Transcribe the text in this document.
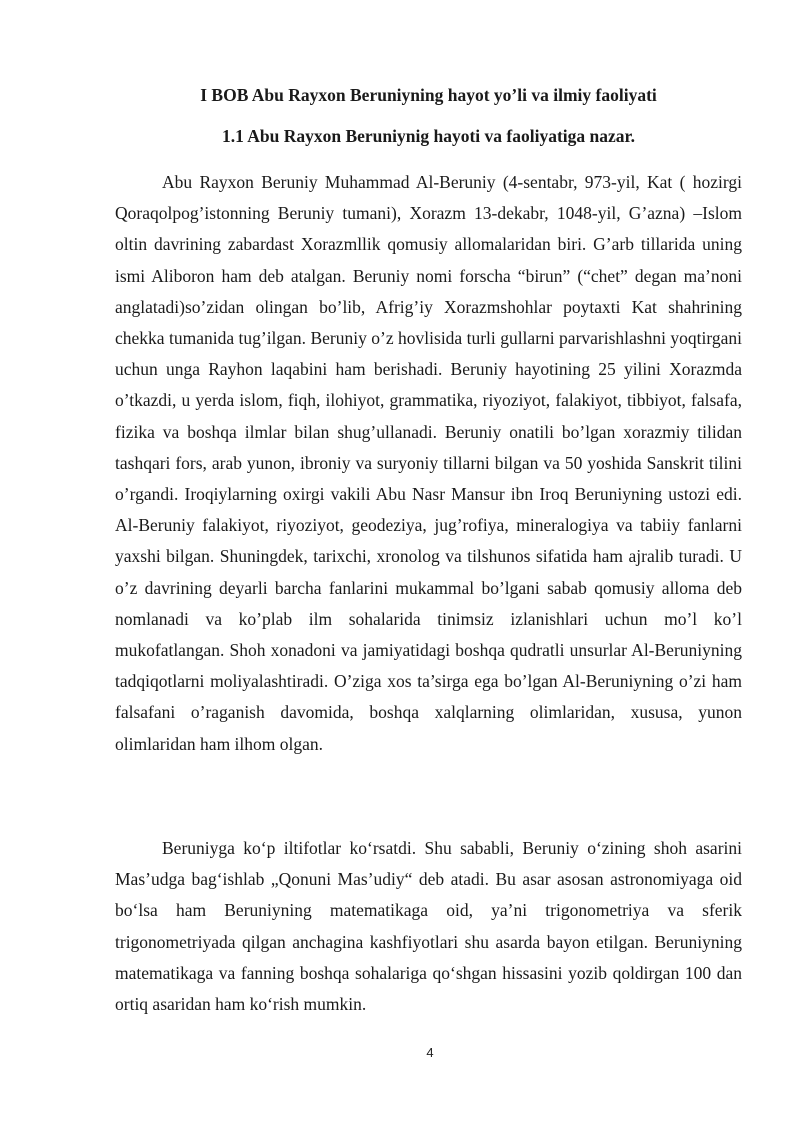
I BOB Abu Rayxon Beruniyning hayot yo’li va ilmiy faoliyati
1.1 Abu Rayxon Beruniynig hayoti va faoliyatiga nazar.

Abu Rayxon Beruniy Muhammad Al-Beruniy (4-sentabr, 973-yil, Kat ( hozirgi Qoraqolpog’istonning Beruniy tumani), Xorazm 13-dekabr, 1048-yil, G’azna) –Islom oltin davrining zabardast Xorazmllik qomusiy allomalaridan biri. G’arb tillarida uning ismi Aliboron ham deb atalgan. Beruniy nomi forscha “birun” (“chet” degan ma’noni anglatadi)so’zidan olingan bo’lib, Afrig’iy Xorazmshohlar poytaxti Kat shahrining chekka tumanida tug’ilgan. Beruniy o’z hovlisida turli gullarni parvarishlashni yoqtirgani uchun unga Rayhon laqabini ham berishadi. Beruniy hayotining 25 yilini Xorazmda o’tkazdi, u yerda islom, fiqh, ilohiyot, grammatika, riyoziyot, falakiyot, tibbiyot, falsafa, fizika va boshqa ilmlar bilan shug’ullanadi. Beruniy onatili bo’lgan xorazmiy tilidan tashqari fors, arab yunon, ibroniy va suryoniy tillarni bilgan va 50 yoshida Sanskrit tilini o’rgandi. Iroqiylarning oxirgi vakili Abu Nasr Mansur ibn Iroq Beruniyning ustozi edi. Al-Beruniy falakiyot, riyoziyot, geodeziya, jug’rofiya, mineralogiya va tabiiy fanlarni yaxshi bilgan. Shuningdek, tarixchi, xronolog va tilshunos sifatida ham ajralib turadi. U o’z davrining deyarli barcha fanlarini mukammal bo’lgani sabab qomusiy alloma deb nomlanadi va ko’plab ilm sohalarida tinimsiz izlanishlari uchun mo’l ko’l mukofatlangan. Shoh xonadoni va jamiyatidagi boshqa qudratli unsurlar Al-Beruniyning tadqiqotlarni moliyalashtiradi. O’ziga xos ta’sirga ega bo’lgan Al-Beruniyning o’zi ham falsafani o’raganish davomida, boshqa xalqlarning olimlaridan, xususa, yunon olimlaridan ham ilhom olgan.

Beruniyga ko‘p iltifotlar ko‘rsatdi. Shu sababli, Beruniy o‘zining shoh asarini Mas’udga bag‘ishlab „Qonuni Mas’udiy“ deb atadi. Bu asar asosan astronomiyaga oid bo‘lsa ham Beruniyning matematikaga oid, ya’ni trigonometriya va sferik trigonometriyada qilgan anchagina kashfiyotlari shu asarda bayon etilgan. Beruniyning matematikaga va fanning boshqa sohalariga qo‘shgan hissasini yozib qoldirgan 100 dan ortiq asaridan ham ko‘rish mumkin.

4
